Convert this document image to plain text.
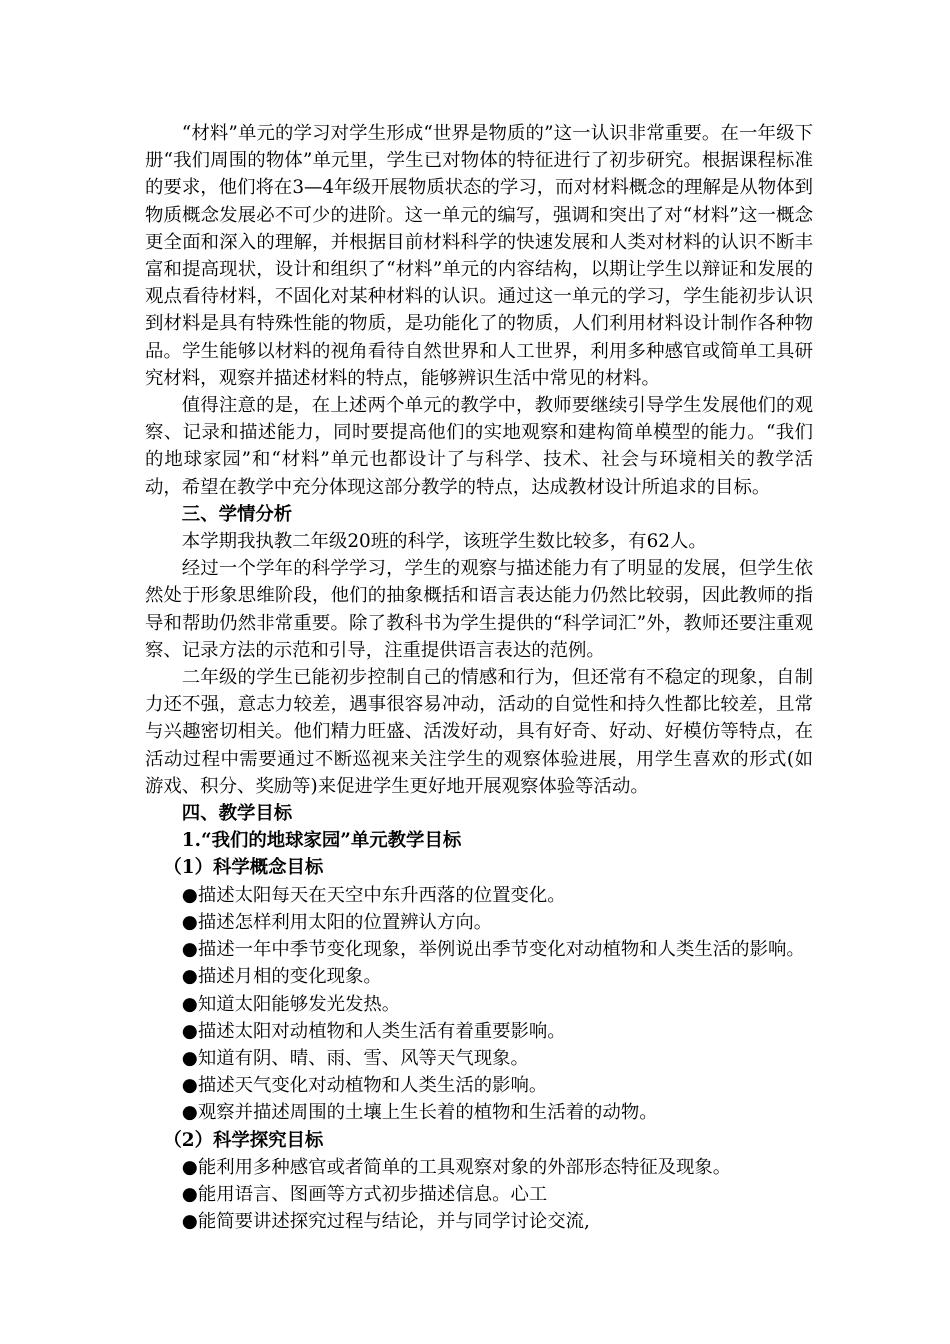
“材料”单元的学习对学生形成“世界是物质的”这一认识非常重要。在一年级下册“我们周围的物体”单元里，学生已对物体的特征进行了初步研究。根据课程标准的要求，他们将在3—4年级开展物质状态的学习，而对材料概念的理解是从物体到物质概念发展必不可少的进阶。这一单元的编写，强调和突出了对“材料”这一概念更全面和深入的理解，并根据目前材料科学的快速发展和人类对材料的认识不断丰富和提高现状，设计和组织了“材料”单元的内容结构，以期让学生以辩证和发展的观点看待材料，不固化对某种材料的认识。通过这一单元的学习，学生能初步认识到材料是具有特殊性能的物质，是功能化了的物质，人们利用材料设计制作各种物品。学生能够以材料的视角看待自然世界和人工世界，利用多种感官或简单工具研究材料，观察并描述材料的特点，能够辨识生活中常见的材料。

值得注意的是，在上述两个单元的教学中，教师要继续引导学生发展他们的观察、记录和描述能力，同时要提高他们的实地观察和建构简单模型的能力。“我们的地球家园”和“材料”单元也都设计了与科学、技术、社会与环境相关的教学活动，希望在教学中充分体现这部分教学的特点，达成教材设计所追求的目标。

三、学情分析

本学期我执教二年级20班的科学，该班学生数比较多，有62人。

经过一个学年的科学学习，学生的观察与描述能力有了明显的发展，但学生依然处于形象思维阶段，他们的抽象概括和语言表达能力仍然比较弱，因此教师的指导和帮助仍然非常重要。除了教科书为学生提供的“科学词汇”外，教师还要注重观察、记录方法的示范和引导，注重提供语言表达的范例。

二年级的学生已能初步控制自己的情感和行为，但还常有不稳定的现象，自制力还不强，意志力较差，遇事很容易冲动，活动的自觉性和持久性都比较差，且常与兴趣密切相关。他们精力旺盛、活泼好动，具有好奇、好动、好模仿等特点，在活动过程中需要通过不断巡视来关注学生的观察体验进展，用学生喜欢的形式(如游戏、积分、奖励等)来促进学生更好地开展观察体验等活动。

四、教学目标

1.“我们的地球家园”单元教学目标

（1）科学概念目标

●描述太阳每天在天空中东升西落的位置变化。

●描述怎样利用太阳的位置辨认方向。

●描述一年中季节变化现象，举例说出季节变化对动植物和人类生活的影响。

●描述月相的变化现象。

●知道太阳能够发光发热。

●描述太阳对动植物和人类生活有着重要影响。

●知道有阴、晴、雨、雪、风等天气现象。

●描述天气变化对动植物和人类生活的影响。

●观察并描述周围的土壤上生长着的植物和生活着的动物。

（2）科学探究目标

●能利用多种感官或者简单的工具观察对象的外部形态特征及现象。

●能用语言、图画等方式初步描述信息。心工

●能简要讲述探究过程与结论，并与同学讨论交流,
